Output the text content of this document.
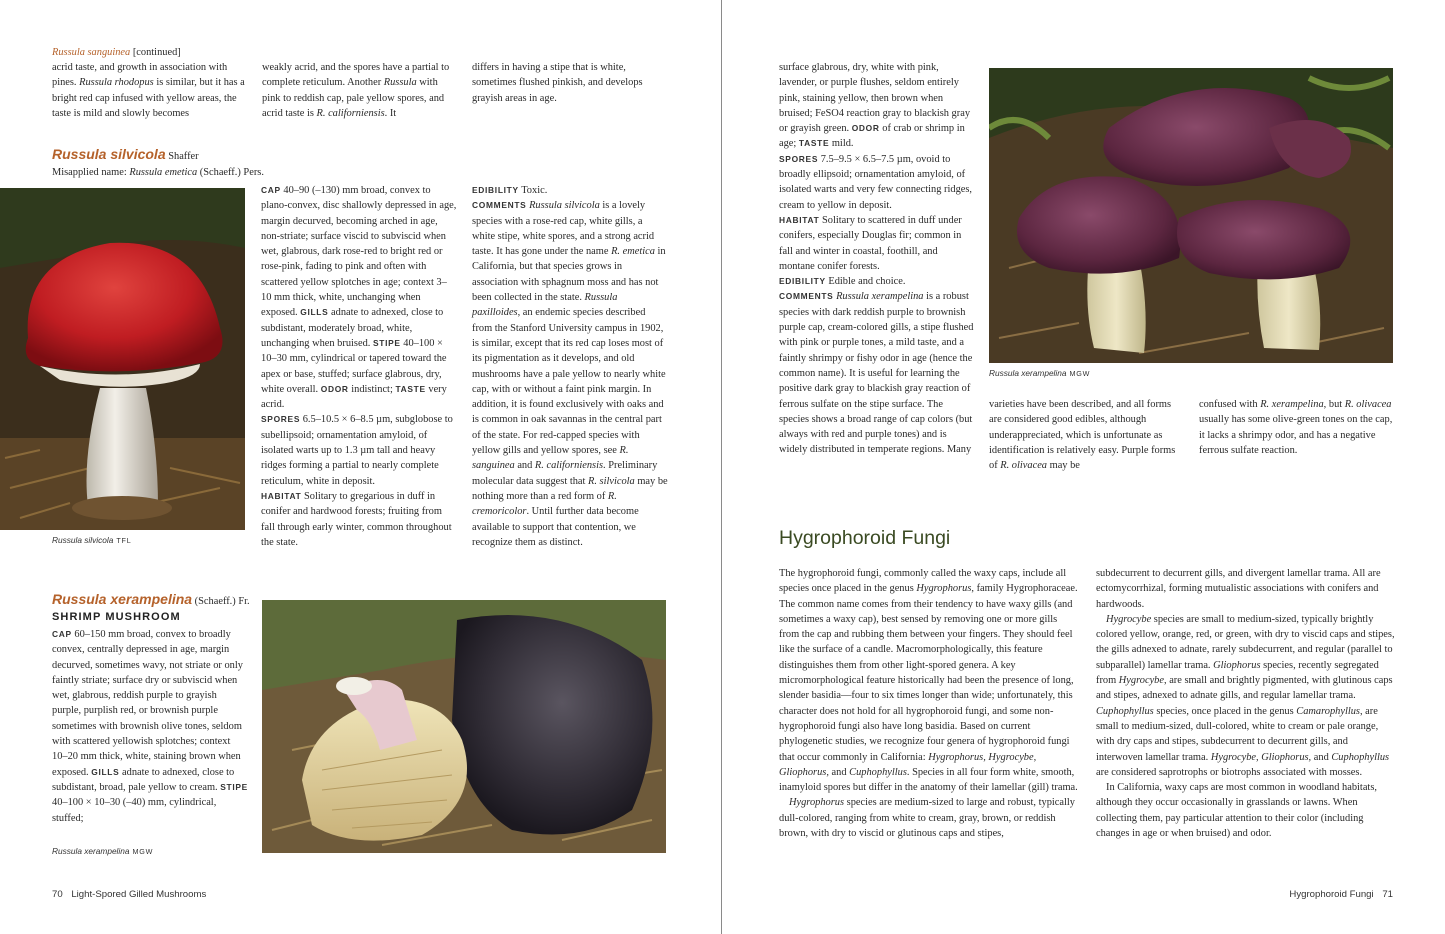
Russula sanguinea [continued]
acrid taste, and growth in association with pines. Russula rhodopus is similar, but it has a bright red cap infused with yellow areas, the taste is mild and slowly becomes
weakly acrid, and the spores have a partial to complete reticulum. Another Russula with pink to reddish cap, pale yellow spores, and acrid taste is R. californiensis. It
differs in having a stipe that is white, sometimes flushed pinkish, and develops grayish areas in age.
Russula silvicola Shaffer
Misapplied name: Russula emetica (Schaeff.) Pers.
Russula silvicola TFL

CAP 40–90 (–130) mm broad, convex to plano-convex, disc shallowly depressed in age, margin decurved, becoming arched in age, non-striate; surface viscid to subviscid when wet, glabrous, dark rose-red to bright red or rose-pink, fading to pink and often with scattered yellow splotches in age; context 3–10 mm thick, white, unchanging when exposed. GILLS adnate to adnexed, close to subdistant, moderately broad, white, unchanging when bruised. STIPE 40–100 × 10–30 mm, cylindrical or tapered toward the apex or base, stuffed; surface glabrous, dry, white overall. ODOR indistinct; TASTE very acrid.

SPORES 6.5–10.5 × 6–8.5 µm, subglobose to subellipsoid; ornamentation amyloid, of isolated warts up to 1.3 µm tall and heavy ridges forming a partial to nearly complete reticulum, white in deposit.

HABITAT Solitary to gregarious in duff in conifer and hardwood forests; fruiting from fall through early winter, common throughout the state.

EDIBILITY Toxic.

COMMENTS Russula silvicola is a lovely species with a rose-red cap, white gills, a white stipe, white spores, and a strong acrid taste. It has gone under the name R. emetica in California, but that species grows in association with sphagnum moss and has not been collected in the state. Russula paxilloides, an endemic species described from the Stanford University campus in 1902, is similar, except that its red cap loses most of its pigmentation as it develops, and old mushrooms have a pale yellow to nearly white cap, with or without a faint pink margin. In addition, it is found exclusively with oaks and is common in oak savannas in the central part of the state. For red-capped species with yellow gills and yellow spores, see R. sanguinea and R. californiensis. Preliminary molecular data suggest that R. silvicola may be nothing more than a red form of R. cremoricolor. Until further data become available to support that contention, we recognize them as distinct.

Russula xerampelina (Schaeff.) Fr.
SHRIMP MUSHROOM

CAP 60–150 mm broad, convex to broadly convex, centrally depressed in age, margin decurved, sometimes wavy, not striate or only faintly striate; surface dry or subviscid when wet, glabrous, reddish purple to grayish purple, purplish red, or brownish purple sometimes with brownish olive tones, seldom with scattered yellowish splotches; context 10–20 mm thick, white, staining brown when exposed. GILLS adnate to adnexed, close to subdistant, broad, pale yellow to cream. STIPE 40–100 × 10–30 (–40) mm, cylindrical, stuffed;

Russula xerampelina MGW
70 Light-Spored Gilled Mushrooms

surface glabrous, dry, white with pink, lavender, or purple flushes, seldom entirely pink, staining yellow, then brown when bruised; FeSO4 reaction gray to blackish gray or grayish green. ODOR of crab or shrimp in age; TASTE mild.

SPORES 7.5–9.5 × 6.5–7.5 µm, ovoid to broadly ellipsoid; ornamentation amyloid, of isolated warts and very few connecting ridges, cream to yellow in deposit.

HABITAT Solitary to scattered in duff under conifers, especially Douglas fir; common in fall and winter in coastal, foothill, and montane conifer forests.

EDIBILITY Edible and choice.

COMMENTS Russula xerampelina is a robust species with dark reddish purple to brownish purple cap, cream-colored gills, a stipe flushed with pink or purple tones, a mild taste, and a faintly shrimpy or fishy odor in age (hence the common name). It is useful for learning the positive dark gray to blackish gray reaction of ferrous sulfate on the stipe surface. The species shows a broad range of cap colors (but always with red and purple tones) and is widely distributed in temperate regions. Many

Russula xerampelina MGW

varieties have been described, and all forms are considered good edibles, although underappreciated, which is unfortunate as identification is relatively easy. Purple forms of R. olivacea may be

confused with R. xerampelina, but R. olivacea usually has some olive-green tones on the cap, it lacks a shrimpy odor, and has a negative ferrous sulfate reaction.

Hygrophoroid Fungi

The hygrophoroid fungi, commonly called the waxy caps, include all species once placed in the genus Hygrophorus, family Hygrophoraceae. The common name comes from their tendency to have waxy gills (and sometimes a waxy cap), best sensed by removing one or more gills from the cap and rubbing them between your fingers. They should feel like the surface of a candle. Macromorphologically, this feature distinguishes them from other light-spored genera. A key micromorphological feature historically had been the presence of long, slender basidia—four to six times longer than wide; unfortunately, this character does not hold for all hygrophoroid fungi, and some non-hygrophoroid fungi also have long basidia. Based on current phylogenetic studies, we recognize four genera of hygrophoroid fungi that occur commonly in California: Hygrophorus, Hygrocybe, Gliophorus, and Cuphophyllus. Species in all four form white, smooth, inamyloid spores but differ in the anatomy of their lamellar (gill) trama.

Hygrophorus species are medium-sized to large and robust, typically dull-colored, ranging from white to cream, gray, brown, or reddish brown, with dry to viscid or glutinous caps and stipes,

subdecurrent to decurrent gills, and divergent lamellar trama. All are ectomycorrhizal, forming mutualistic associations with conifers and hardwoods.

Hygrocybe species are small to medium-sized, typically brightly colored yellow, orange, red, or green, with dry to viscid caps and stipes, the gills adnexed to adnate, rarely subdecurrent, and regular (parallel to subparallel) lamellar trama. Gliophorus species, recently segregated from Hygrocybe, are small and brightly pigmented, with glutinous caps and stipes, adnexed to adnate gills, and regular lamellar trama. Cuphophyllus species, once placed in the genus Camarophyllus, are small to medium-sized, dull-colored, white to cream or pale orange, with dry caps and stipes, subdecurrent to decurrent gills, and interwoven lamellar trama. Hygrocybe, Gliophorus, and Cuphophyllus are considered saprotrophs or biotrophs associated with mosses.

In California, waxy caps are most common in woodland habitats, although they occur occasionally in grasslands or lawns. When collecting them, pay particular attention to their color (including changes in age or when bruised) and odor.

Hygrophoroid Fungi 71
